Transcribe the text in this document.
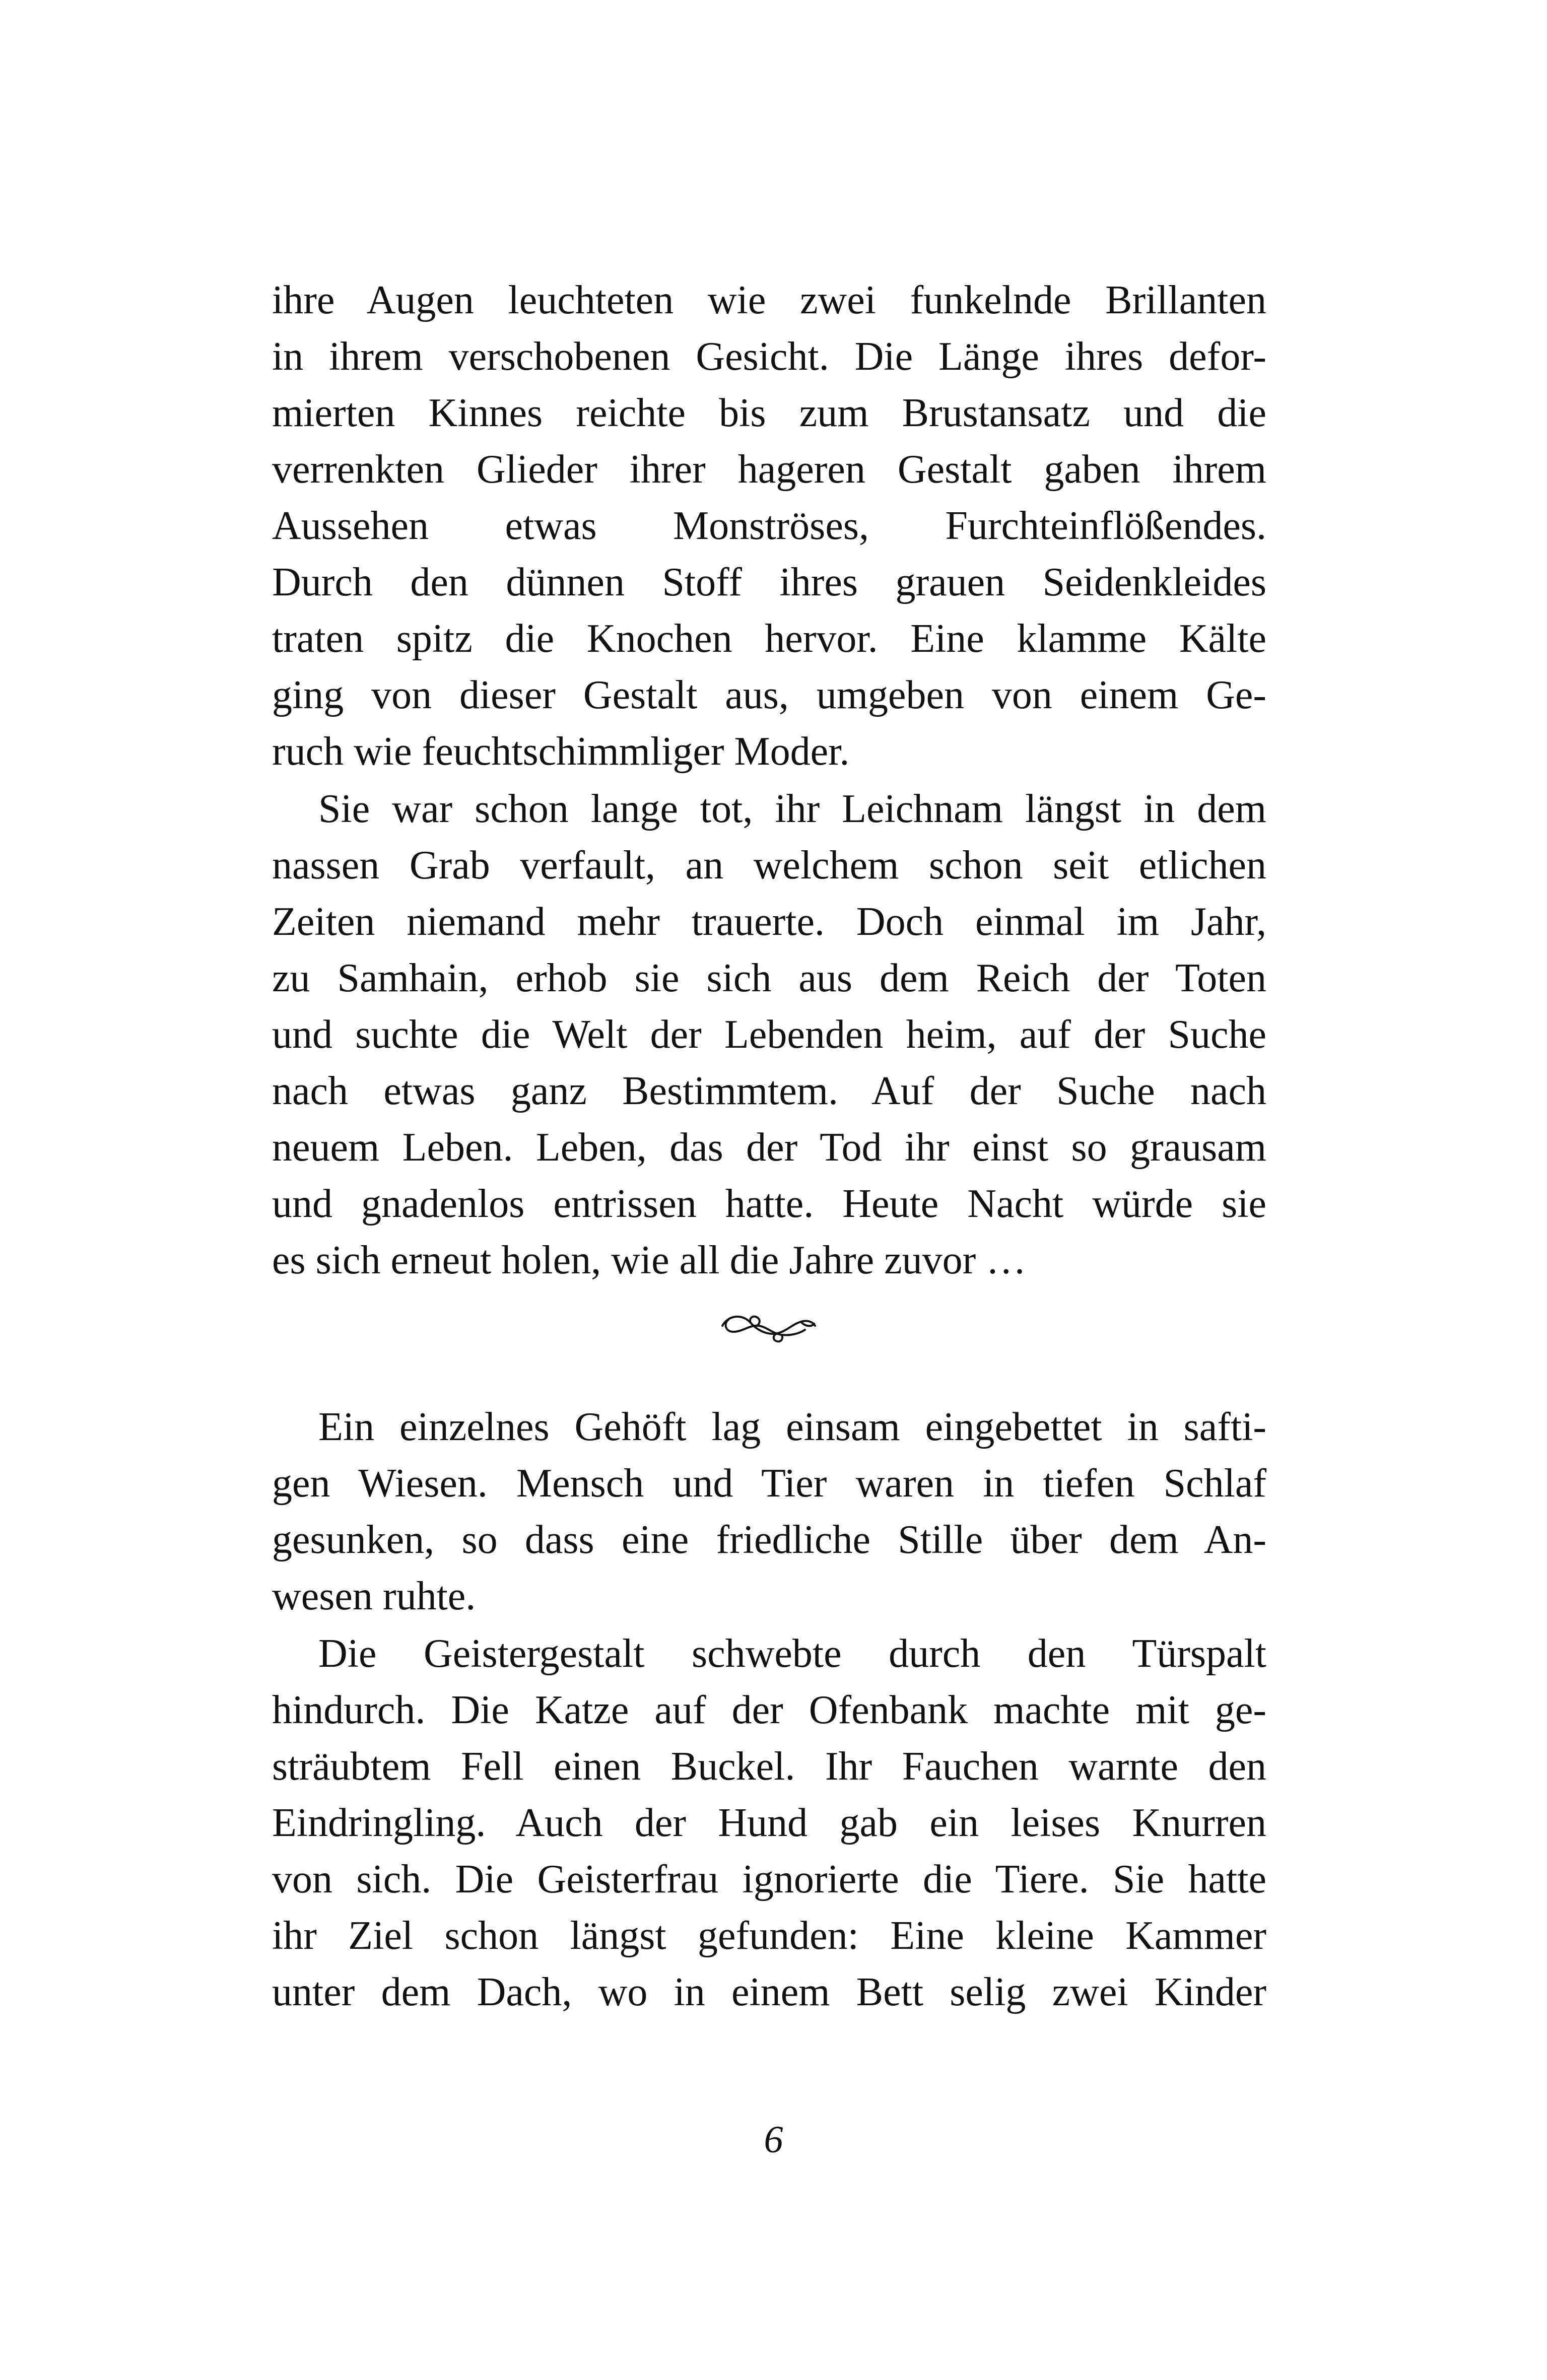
ihre Augen leuchteten wie zwei funkelnde Brillanten
in ihrem verschobenen Gesicht. Die Länge ihres defor-
mierten Kinnes reichte bis zum Brustansatz und die
verrenkten Glieder ihrer hageren Gestalt gaben ihrem
Aussehen etwas Monströses, Furchteinflößendes.
Durch den dünnen Stoff ihres grauen Seidenkleides
traten spitz die Knochen hervor. Eine klamme Kälte
ging von dieser Gestalt aus, umgeben von einem Ge-
ruch wie feuchtschimmliger Moder.
Sie war schon lange tot, ihr Leichnam längst in dem
nassen Grab verfault, an welchem schon seit etlichen
Zeiten niemand mehr trauerte. Doch einmal im Jahr,
zu Samhain, erhob sie sich aus dem Reich der Toten
und suchte die Welt der Lebenden heim, auf der Suche
nach etwas ganz Bestimmtem. Auf der Suche nach
neuem Leben. Leben, das der Tod ihr einst so grausam
und gnadenlos entrissen hatte. Heute Nacht würde sie
es sich erneut holen, wie all die Jahre zuvor …
Ein einzelnes Gehöft lag einsam eingebettet in safti-
gen Wiesen. Mensch und Tier waren in tiefen Schlaf
gesunken, so dass eine friedliche Stille über dem An-
wesen ruhte.
Die Geistergestalt schwebte durch den Türspalt
hindurch. Die Katze auf der Ofenbank machte mit ge-
sträubtem Fell einen Buckel. Ihr Fauchen warnte den
Eindringling. Auch der Hund gab ein leises Knurren
von sich. Die Geisterfrau ignorierte die Tiere. Sie hatte
ihr Ziel schon längst gefunden: Eine kleine Kammer
unter dem Dach, wo in einem Bett selig zwei Kinder
6
